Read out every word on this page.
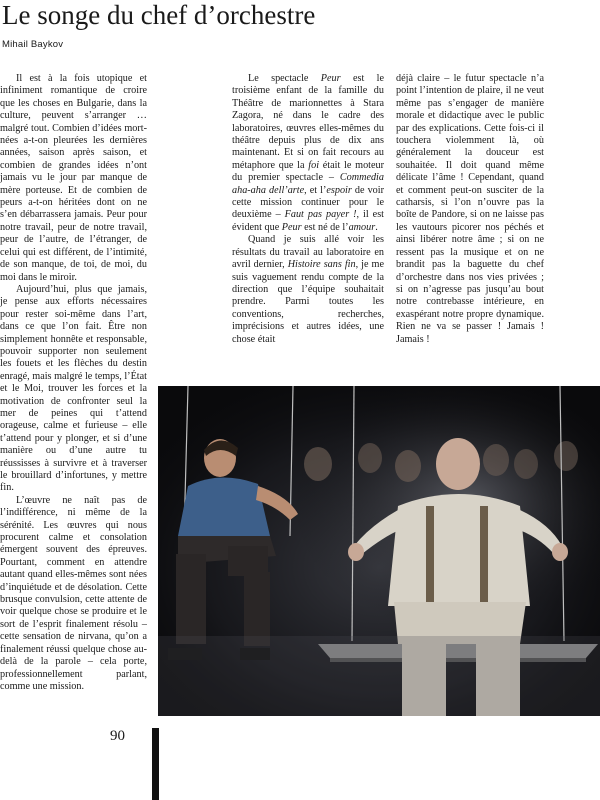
Le songe du chef d’orchestre
Mihail Baykov

Il est à la fois utopique et infiniment romantique de croire que les choses en Bulgarie, dans la culture, peuvent s’arranger … malgré tout. Combien d’idées mort-nées a-t-on pleurées les dernières années, saison après saison, et combien de grandes idées n’ont jamais vu le jour par manque de mère porteuse. Et de combien de peurs a-t-on héritées dont on ne s’en débarrassera jamais. Peur pour notre travail, peur de notre travail, peur de l’autre, de l’étranger, de celui qui est différent, de l’intimité, de son manque, de toi, de moi, du moi dans le miroir.

Aujourd’hui, plus que jamais, je pense aux efforts nécessaires pour rester soi-même dans l’art, dans ce que l’on fait. Être non simplement honnête et responsable, pouvoir supporter non seulement les fouets et les flèches du destin enragé, mais malgré le temps, l’État et le Moi, trouver les forces et la motivation de confronter seul la mer de peines qui t’attend orageuse, calme et furieuse – elle t’attend pour y plonger, et si d’une manière ou d’une autre tu réussisses à survivre et à traverser le brouillard d’infortunes, y mettre fin.

L’œuvre ne naît pas de l’indifférence, ni même de la sérénité. Les œuvres qui nous procurent calme et consolation émergent souvent des épreuves. Pourtant, comment en attendre autant quand elles-mêmes sont nées d’inquiétude et de désolation. Cette brusque convulsion, cette attente de voir quelque chose se produire et le sort de l’esprit finalement résolu – cette sensation de nirvana, qu’on a finalement réussi quelque chose au-delà de la parole – cela porte, professionnellement parlant, comme une mission.

Le spectacle Peur est le troisième enfant de la famille du Théâtre de marionnettes à Stara Zagora, né dans le cadre des laboratoires, œuvres elles-mêmes du théâtre depuis plus de dix ans maintenant. Et si on fait recours au métaphore que la foi était le moteur du premier spectacle – Commedia aha-aha dell’arte, et l’espoir de voir cette mission continuer pour le deuxième – Faut pas payer !, il est évident que Peur est né de l’amour.

Quand je suis allé voir les résultats du travail au laboratoire en avril dernier, Histoire sans fin, je me suis vaguement rendu compte de la direction que l’équipe souhaitait prendre. Parmi toutes les conventions, recherches, imprécisions et autres idées, une chose était

déjà claire – le futur spectacle n’a point l’intention de plaire, il ne veut même pas s’engager de manière morale et didactique avec le public par des explications. Cette fois-ci il touchera violemment là, où généralement la douceur est souhaitée. Il doit quand même délicate l’âme ! Cependant, quand et comment peut-on susciter de la catharsis, si l’on n’ouvre pas la boîte de Pandore, si on ne laisse pas les vautours picorer nos péchés et ainsi libérer notre âme ; si on ne ressent pas la musique et on ne brandit pas la baguette du chef d’orchestre dans nos vies privées ; si on n’agresse pas jusqu’au bout notre contrebasse intérieure, en exaspérant notre propre dynamique. Rien ne va se passer ! Jamais ! Jamais !

90
